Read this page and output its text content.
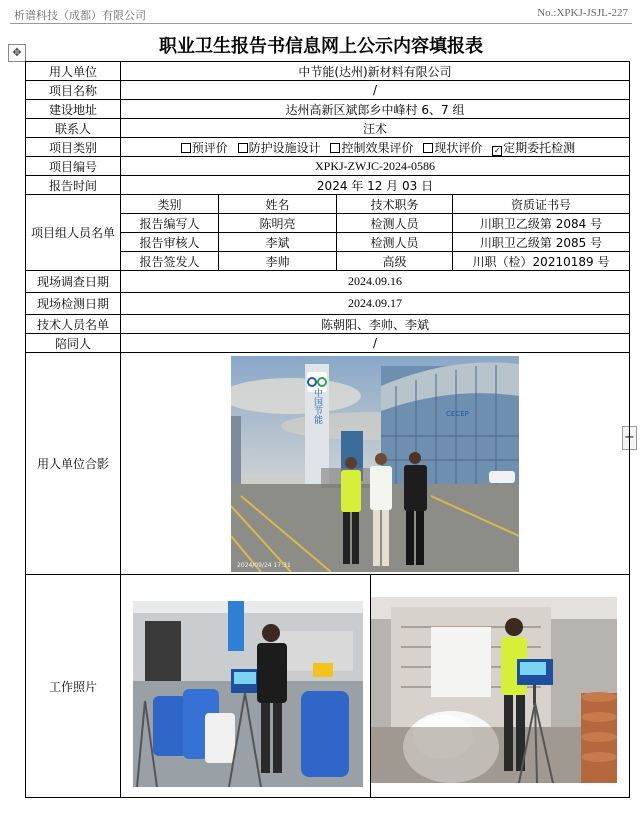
析谱科技（成都）有限公司	No.:XPKJ-JSJL-227
✥
+
职业卫生报告书信息网上公示内容填报表
用人单位	中节能(达州)新材料有限公司			
项目名称	/			
建设地址	达州高新区斌郎乡中峰村 6、7 组			
联系人	汪术			
项目类别	预评价 防护设施设计 控制效果评价 现状评价 ✓ 定期委托检测			
项目编号	XPKJ-ZWJC-2024-0586			
报告时间	2024 年 12 月 03 日			
项目组人员名单	类别	姓名	技术职务	资质证书号
	报告编写人	陈明亮	检测人员	川职卫乙级第 2084 号
	报告审核人	李斌	检测人员	川职卫乙级第 2085 号
	报告签发人	李帅	高级	川职（检）20210189 号
现场调查日期	2024.09.16			
现场检测日期	2024.09.17			
技术人员名单	陈朝阳、李帅、李斌			
陪同人	/			
用人单位合影	CECEP
中国节能
2024/09/24 17:31			

工作照片	
